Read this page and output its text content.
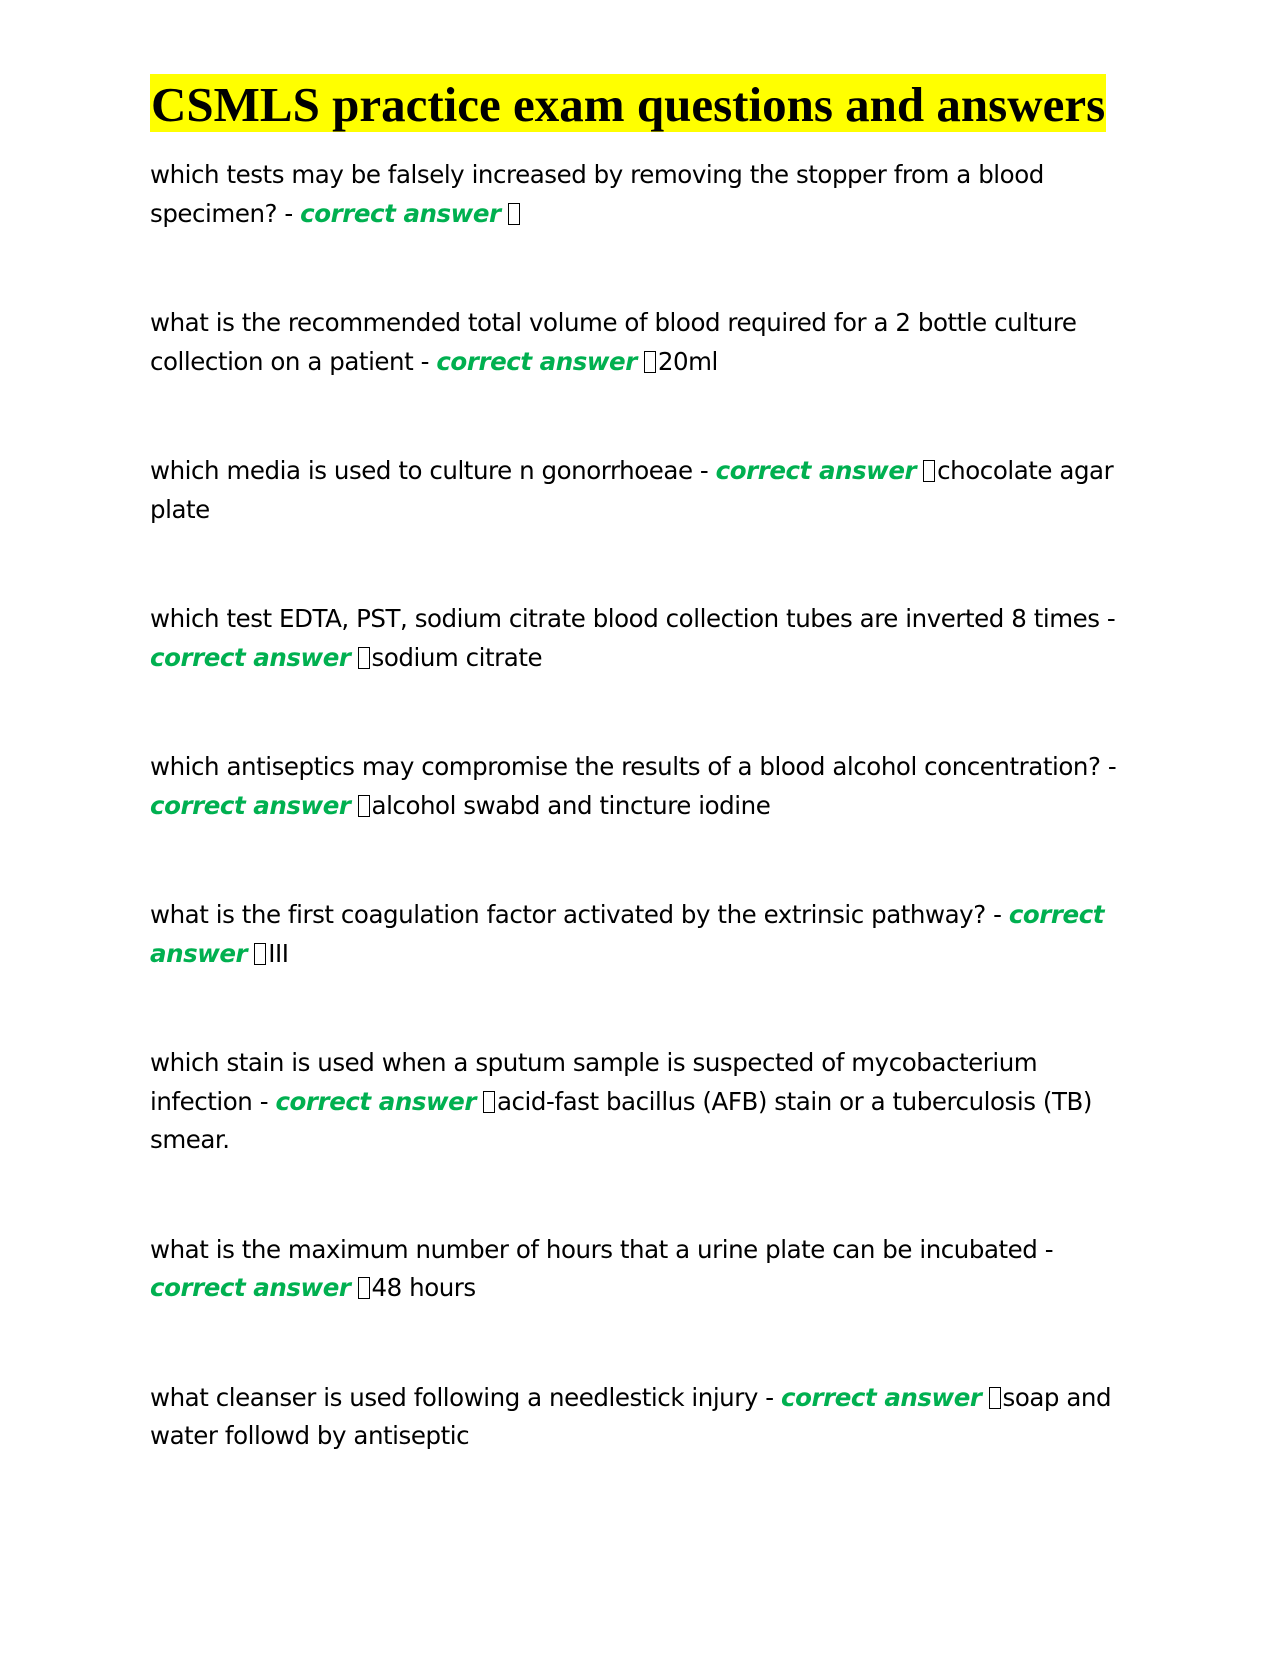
CSMLS practice exam questions and answers

which tests may be falsely increased by removing the stopper from a blood specimen? - correct answer

what is the recommended total volume of blood required for a 2 bottle culture collection on a patient - correct answer 20ml

which media is used to culture n gonorrhoeae - correct answer chocolate agar plate

which test EDTA, PST, sodium citrate blood collection tubes are inverted 8 times - correct answer sodium citrate

which antiseptics may compromise the results of a blood alcohol concentration? - correct answer alcohol swabd and tincture iodine

what is the first coagulation factor activated by the extrinsic pathway? - correct answer III

which stain is used when a sputum sample is suspected of mycobacterium infection - correct answer acid-fast bacillus (AFB) stain or a tuberculosis (TB) smear.

what is the maximum number of hours that a urine plate can be incubated - correct answer 48 hours

what cleanser is used following a needlestick injury - correct answer soap and water followd by antiseptic
